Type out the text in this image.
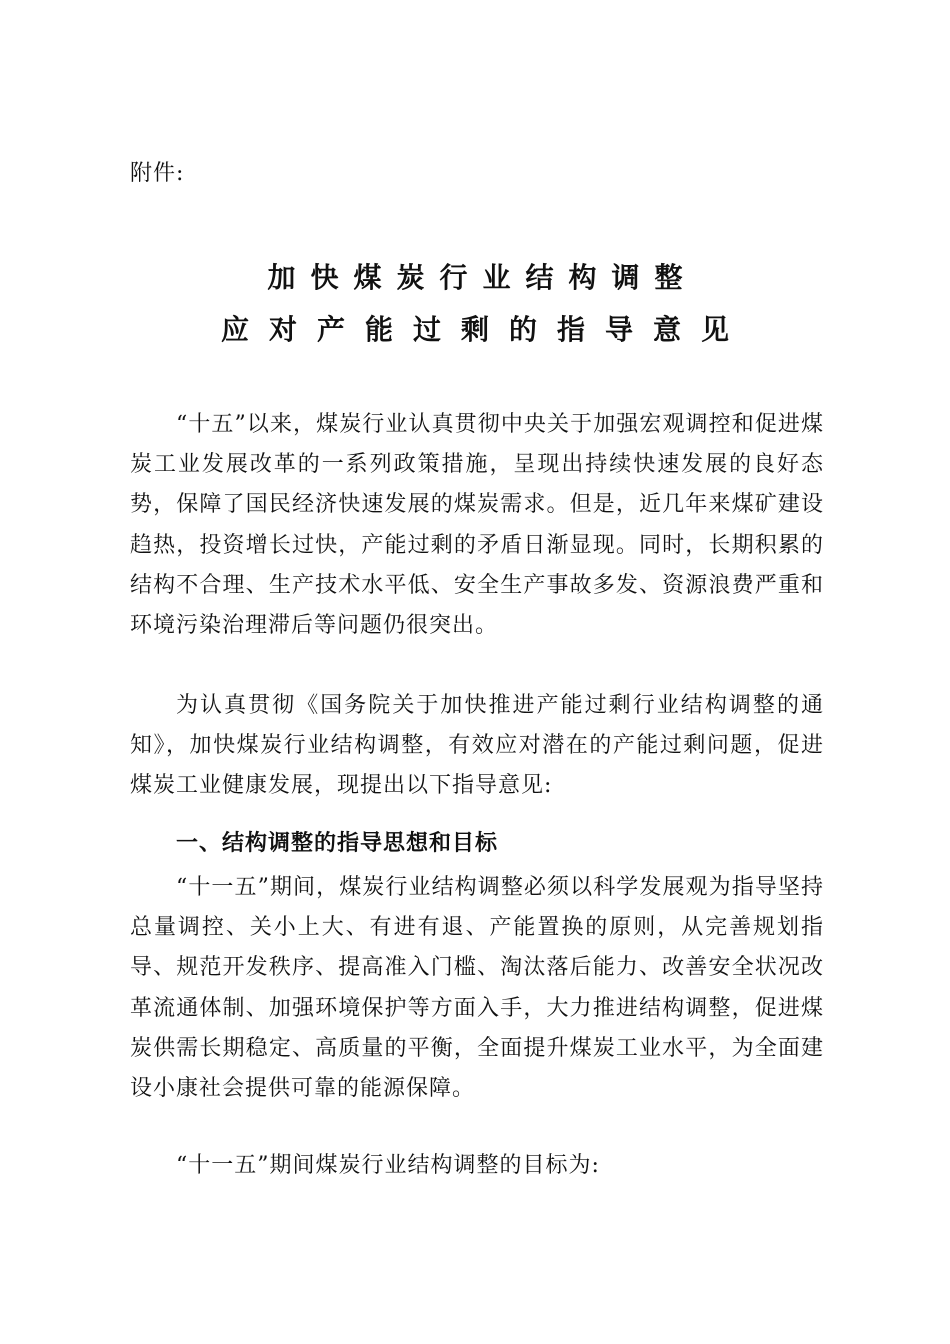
附件:
加快煤炭行业结构调整
应对产能过剩的指导意见

“十五”以来，煤炭行业认真贯彻中央关于加强宏观调控和促进煤炭工业发展改革的一系列政策措施，呈现出持续快速发展的良好态势，保障了国民经济快速发展的煤炭需求。但是，近几年来煤矿建设趋热，投资增长过快，产能过剩的矛盾日渐显现。同时，长期积累的结构不合理、生产技术水平低、安全生产事故多发、资源浪费严重和环境污染治理滞后等问题仍很突出。

为认真贯彻《国务院关于加快推进产能过剩行业结构调整的通知》，加快煤炭行业结构调整，有效应对潜在的产能过剩问题，促进煤炭工业健康发展，现提出以下指导意见:

一、结构调整的指导思想和目标

“十一五”期间，煤炭行业结构调整必须以科学发展观为指导坚持总量调控、关小上大、有进有退、产能置换的原则，从完善规划指导、规范开发秩序、提高准入门槛、淘汰落后能力、改善安全状况改革流通体制、加强环境保护等方面入手，大力推进结构调整，促进煤炭供需长期稳定、高质量的平衡，全面提升煤炭工业水平，为全面建设小康社会提供可靠的能源保障。

“十一五”期间煤炭行业结构调整的目标为:
